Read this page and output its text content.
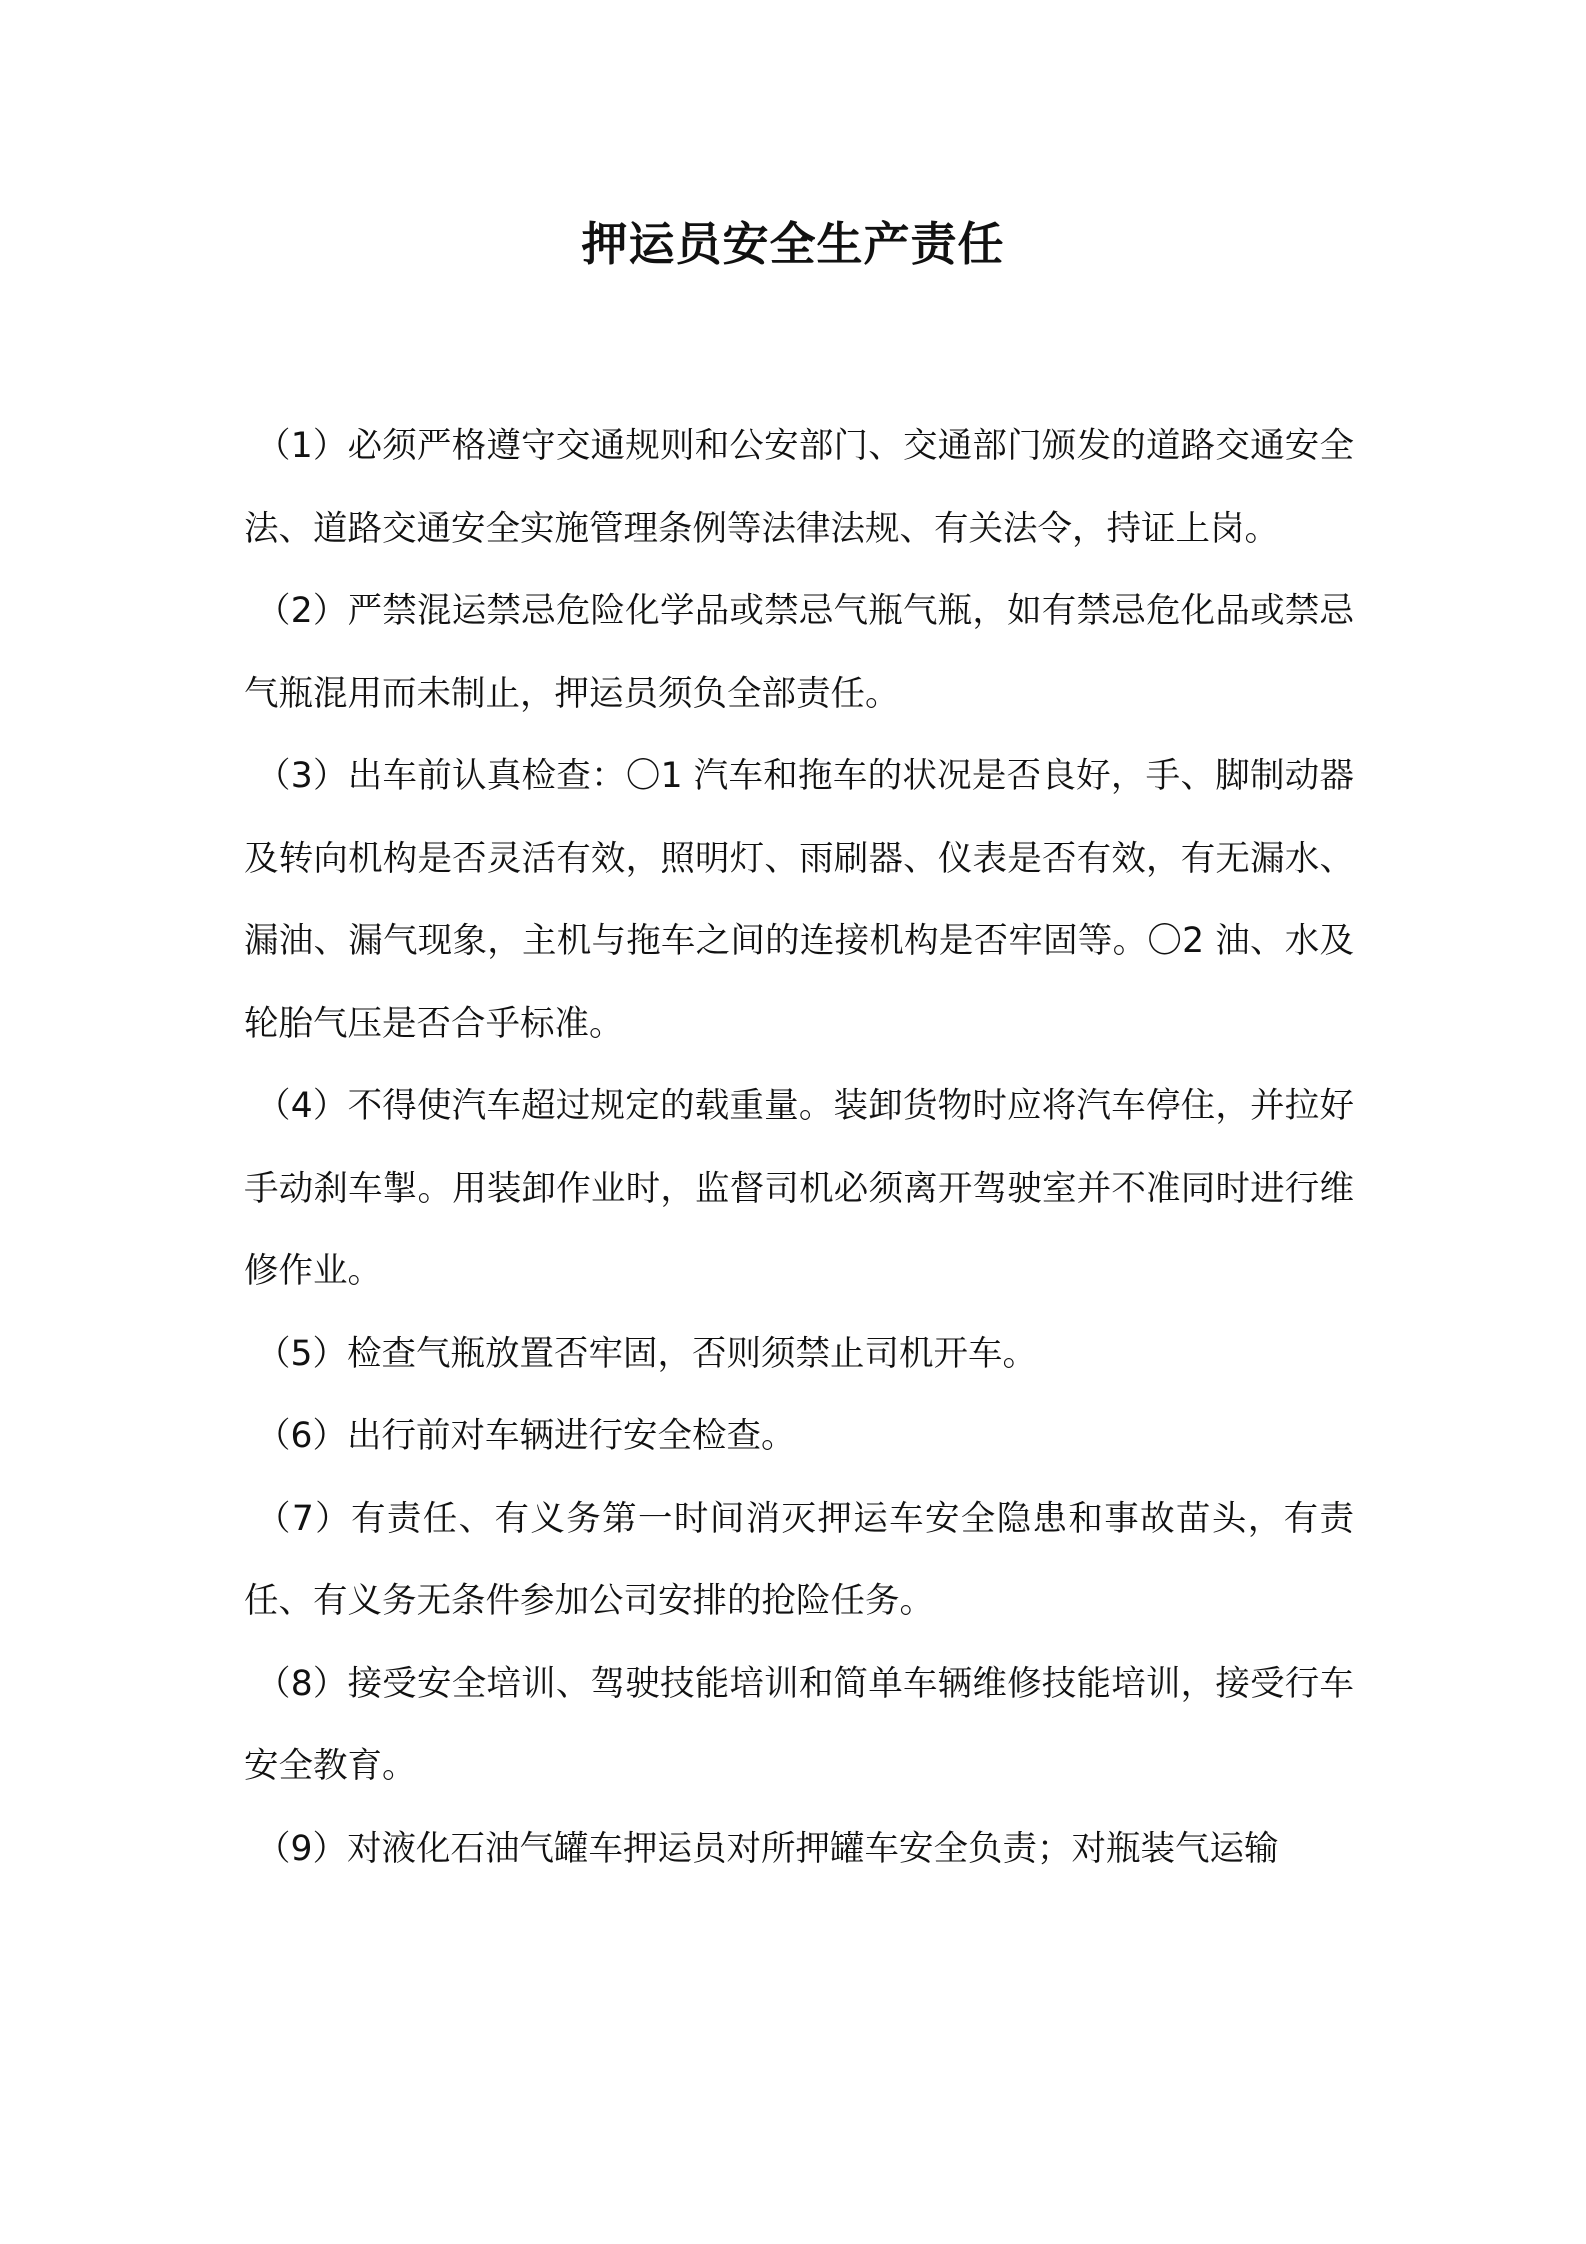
押运员安全生产责任

（1）必须严格遵守交通规则和公安部门、交通部门颁发的道路交通安全法、道路交通安全实施管理条例等法律法规、有关法令，持证上岗。

（2）严禁混运禁忌危险化学品或禁忌气瓶气瓶，如有禁忌危化品或禁忌气瓶混用而未制止，押运员须负全部责任。

（3）出车前认真检查：〇1 汽车和拖车的状况是否良好，手、脚制动器及转向机构是否灵活有效，照明灯、雨刷器、仪表是否有效，有无漏水、漏油、漏气现象，主机与拖车之间的连接机构是否牢固等。〇2 油、水及轮胎气压是否合乎标准。

（4）不得使汽车超过规定的载重量。装卸货物时应将汽车停住，并拉好手动刹车掣。用装卸作业时，监督司机必须离开驾驶室并不准同时进行维修作业。

（5）检查气瓶放置否牢固，否则须禁止司机开车。

（6）出行前对车辆进行安全检查。

（7）有责任、有义务第一时间消灭押运车安全隐患和事故苗头，有责任、有义务无条件参加公司安排的抢险任务。

（8）接受安全培训、驾驶技能培训和简单车辆维修技能培训，接受行车安全教育。

（9）对液化石油气罐车押运员对所押罐车安全负责；对瓶装气运输
